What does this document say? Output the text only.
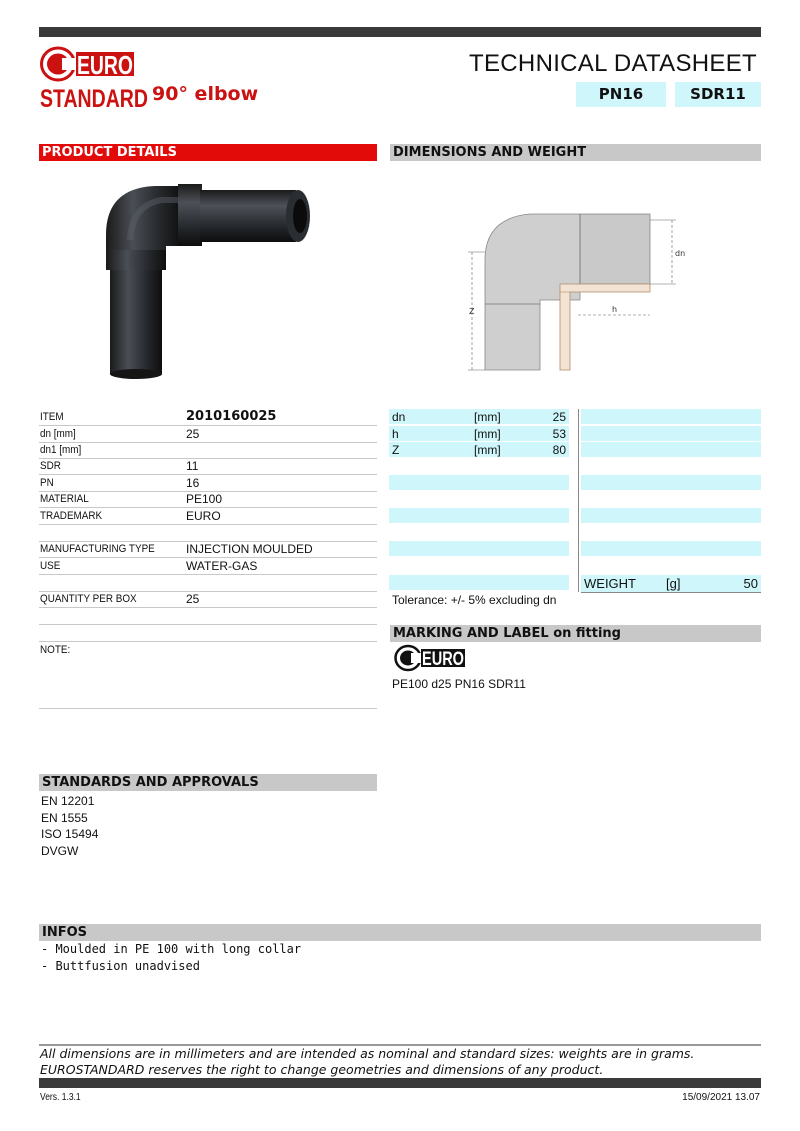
EURO
STANDARD 90° elbow
TECHNICAL DATASHEET
PN16	SDR11
PRODUCT DETAILS	DIMENSIONS AND WEIGHT
Z	h
dn
NOTE:
Tolerance: +/- 5% excluding dn
MARKING AND LABEL on fitting
EURO
PE100 d25 PN16 SDR11
STANDARDS AND APPROVALS
INFOS
All dimensions are in millimeters and are intended as nominal and standard sizes: weights are in grams.
EUROSTANDARD reserves the right to change geometries and dimensions of any product.
Vers. 1.3.1	15/09/2021 13.07
ITEM	2010160025
dn [mm]	25
dn1 [mm]
SDR	11
PN	16
MATERIAL	PE100
TRADEMARK	EURO
MANUFACTURING TYPE	INJECTION MOULDED
USE	WATER-GAS
QUANTITY PER BOX	25
dn	[mm]	25
h	[mm]	53
Z	[mm]	80
WEIGHT [g]	50
EN 12201
EN 1555
ISO 15494
DVGW
- Moulded in PE 100 with long collar
- Buttfusion unadvised
